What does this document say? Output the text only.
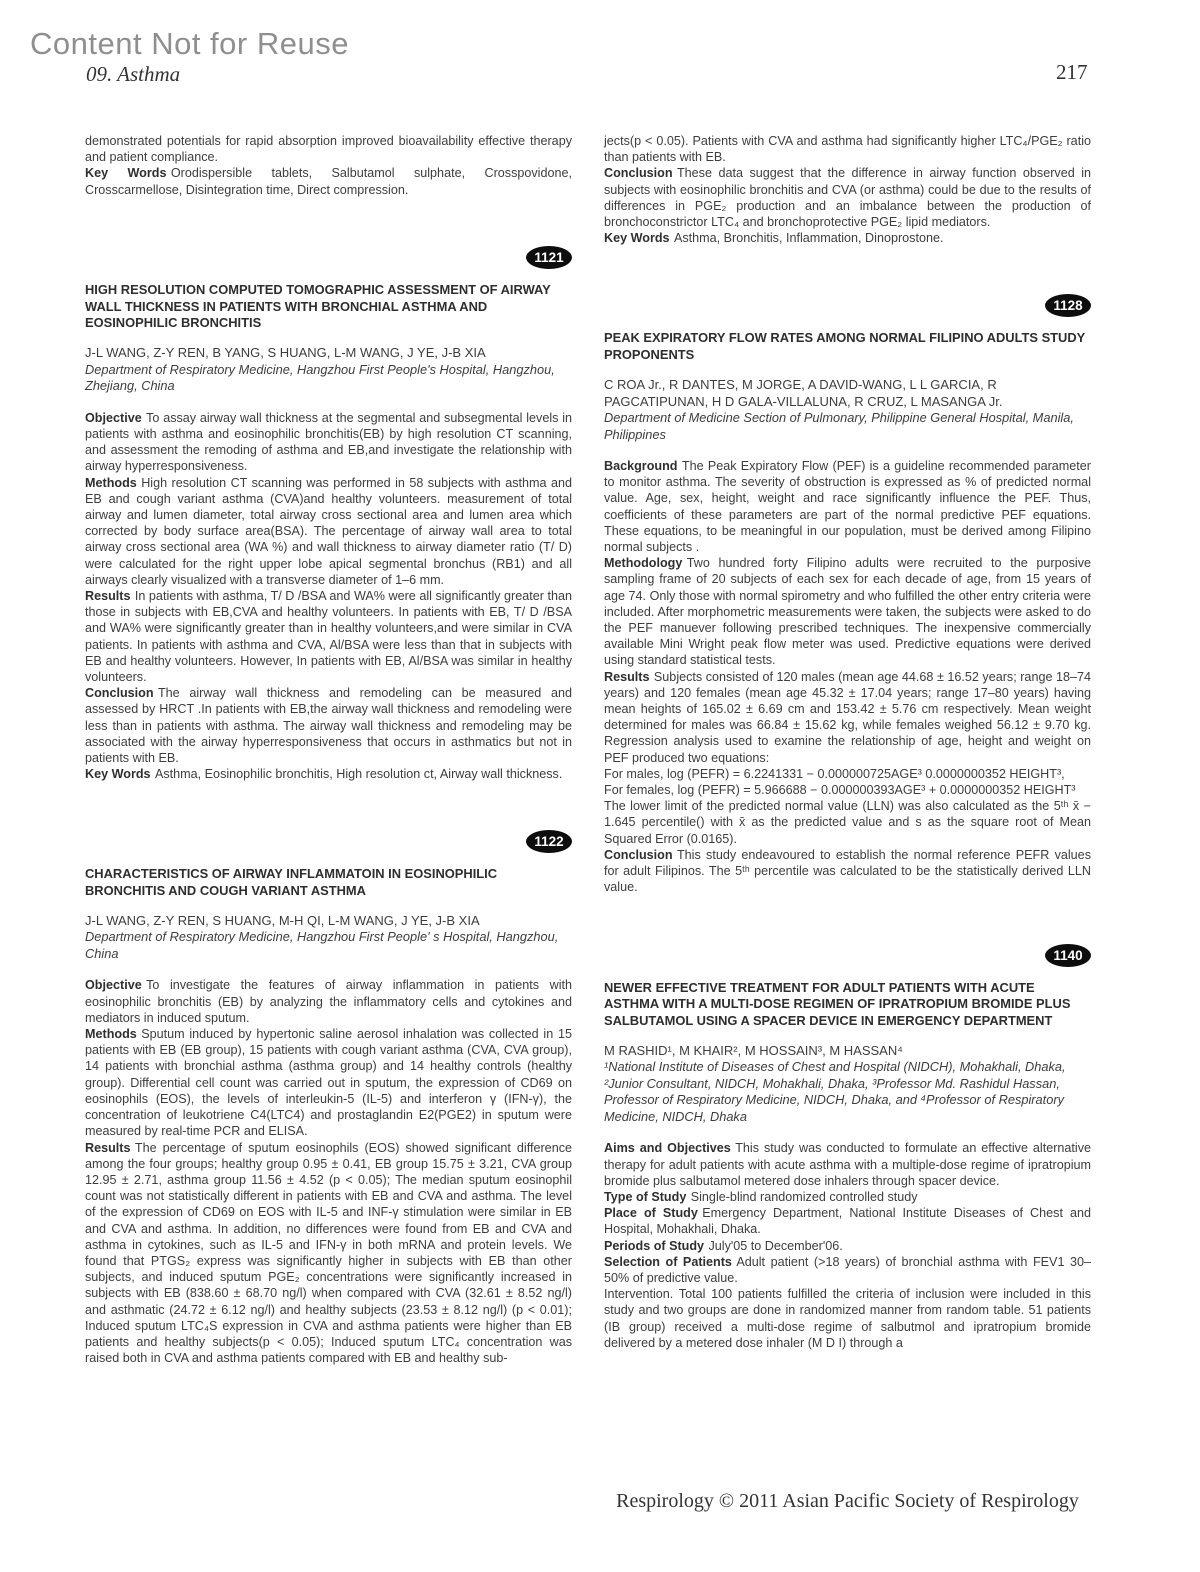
Content Not for Reuse
09. Asthma	217

demonstrated potentials for rapid absorption improved bioavailability effective therapy and patient compliance.

Key Words Orodispersible tablets, Salbutamol sulphate, Crosspovidone, Crosscarmellose, Disintegration time, Direct compression.

1121

HIGH RESOLUTION COMPUTED TOMOGRAPHIC ASSESSMENT OF AIRWAY WALL THICKNESS IN PATIENTS WITH BRONCHIAL ASTHMA AND EOSINOPHILIC BRONCHITIS

J-L WANG, Z-Y REN, B YANG, S HUANG, L-M WANG, J YE, J-B XIA

Department of Respiratory Medicine, Hangzhou First People's Hospital, Hangzhou, Zhejiang, China

Objective To assay airway wall thickness at the segmental and subsegmental levels in patients with asthma and eosinophilic bronchitis(EB) by high resolution CT scanning, and assessment the remoding of asthma and EB,and investigate the relationship with airway hyperresponsiveness.

Methods High resolution CT scanning was performed in 58 subjects with asthma and EB and cough variant asthma (CVA)and healthy volunteers. measurement of total airway and lumen diameter, total airway cross sectional area and lumen area which corrected by body surface area(BSA). The percentage of airway wall area to total airway cross sectional area (WA %) and wall thickness to airway diameter ratio (T/ D) were calculated for the right upper lobe apical segmental bronchus (RB1) and all airways clearly visualized with a transverse diameter of 1–6 mm.

Results In patients with asthma, T/ D /BSA and WA% were all significantly greater than those in subjects with EB,CVA and healthy volunteers. In patients with EB, T/ D /BSA and WA% were significantly greater than in healthy volunteers,and were similar in CVA patients. In patients with asthma and CVA, Al/BSA were less than that in subjects with EB and healthy volunteers. However, In patients with EB, Al/BSA was similar in healthy volunteers.

Conclusion The airway wall thickness and remodeling can be measured and assessed by HRCT .In patients with EB,the airway wall thickness and remodeling were less than in patients with asthma. The airway wall thickness and remodeling may be associated with the airway hyperresponsiveness that occurs in asthmatics but not in patients with EB.

Key Words Asthma, Eosinophilic bronchitis, High resolution ct, Airway wall thickness.

1122

CHARACTERISTICS OF AIRWAY INFLAMMATOIN IN EOSINOPHILIC BRONCHITIS AND COUGH VARIANT ASTHMA

J-L WANG, Z-Y REN, S HUANG, M-H QI, L-M WANG, J YE, J-B XIA

Department of Respiratory Medicine, Hangzhou First People' s Hospital, Hangzhou, China

Objective To investigate the features of airway inflammation in patients with eosinophilic bronchitis (EB) by analyzing the inflammatory cells and cytokines and mediators in induced sputum.

Methods Sputum induced by hypertonic saline aerosol inhalation was collected in 15 patients with EB (EB group), 15 patients with cough variant asthma (CVA, CVA group), 14 patients with bronchial asthma (asthma group) and 14 healthy controls (healthy group). Differential cell count was carried out in sputum, the expression of CD69 on eosinophils (EOS), the levels of interleukin-5 (IL-5) and interferon γ (IFN-γ), the concentration of leukotriene C4(LTC4) and prostaglandin E2(PGE2) in sputum were measured by real-time PCR and ELISA.

Results The percentage of sputum eosinophils (EOS) showed significant difference among the four groups; healthy group 0.95 ± 0.41, EB group 15.75 ± 3.21, CVA group 12.95 ± 2.71, asthma group 11.56 ± 4.52 (p < 0.05); The median sputum eosinophil count was not statistically different in patients with EB and CVA and asthma. The level of the expression of CD69 on EOS with IL-5 and INF-γ stimulation were similar in EB and CVA and asthma. In addition, no differences were found from EB and CVA and asthma in cytokines, such as IL-5 and IFN-γ in both mRNA and protein levels. We found that PTGS₂ express was significantly higher in subjects with EB than other subjects, and induced sputum PGE₂ concentrations were significantly increased in subjects with EB (838.60 ± 68.70 ng/l) when compared with CVA (32.61 ± 8.52 ng/l) and asthmatic (24.72 ± 6.12 ng/l) and healthy subjects (23.53 ± 8.12 ng/l) (p < 0.01); Induced sputum LTC₄S expression in CVA and asthma patients were higher than EB patients and healthy subjects(p < 0.05); Induced sputum LTC₄ concentration was raised both in CVA and asthma patients compared with EB and healthy sub-

jects(p < 0.05). Patients with CVA and asthma had significantly higher LTC₄/PGE₂ ratio than patients with EB.

Conclusion These data suggest that the difference in airway function observed in subjects with eosinophilic bronchitis and CVA (or asthma) could be due to the results of differences in PGE₂ production and an imbalance between the production of bronchoconstrictor LTC₄ and bronchoprotective PGE₂ lipid mediators.

Key Words Asthma, Bronchitis, Inflammation, Dinoprostone.

1128

PEAK EXPIRATORY FLOW RATES AMONG NORMAL FILIPINO ADULTS STUDY PROPONENTS

C ROA Jr., R DANTES, M JORGE, A DAVID-WANG, L L GARCIA, R PAGCATIPUNAN, H D GALA-VILLALUNA, R CRUZ, L MASANGA Jr.

Department of Medicine Section of Pulmonary, Philippine General Hospital, Manila, Philippines

Background The Peak Expiratory Flow (PEF) is a guideline recommended parameter to monitor asthma. The severity of obstruction is expressed as % of predicted normal value. Age, sex, height, weight and race significantly influence the PEF. Thus, coefficients of these parameters are part of the normal predictive PEF equations. These equations, to be meaningful in our population, must be derived among Filipino normal subjects .

Methodology Two hundred forty Filipino adults were recruited to the purposive sampling frame of 20 subjects of each sex for each decade of age, from 15 years of age 74. Only those with normal spirometry and who fulfilled the other entry criteria were included. After morphometric measurements were taken, the subjects were asked to do the PEF manuever following prescribed techniques. The inexpensive commercially available Mini Wright peak flow meter was used. Predictive equations were derived using standard statistical tests.

Results Subjects consisted of 120 males (mean age 44.68 ± 16.52 years; range 18–74 years) and 120 females (mean age 45.32 ± 17.04 years; range 17–80 years) having mean heights of 165.02 ± 6.69 cm and 153.42 ± 5.76 cm respectively. Mean weight determined for males was 66.84 ± 15.62 kg, while females weighed 56.12 ± 9.70 kg. Regression analysis used to examine the relationship of age, height and weight on PEF produced two equations:

For males, log (PEFR) = 6.2241331 − 0.000000725AGE³ 0.0000000352 HEIGHT³,

For females, log (PEFR) = 5.966688 − 0.000000393AGE³ + 0.0000000352 HEIGHT³

The lower limit of the predicted normal value (LLN) was also calculated as the 5ᵗʰ x̄ − 1.645 percentile() with x̄ as the predicted value and s as the square root of Mean Squared Error (0.0165).

Conclusion This study endeavoured to establish the normal reference PEFR values for adult Filipinos. The 5ᵗʰ percentile was calculated to be the statistically derived LLN value.

1140

NEWER EFFECTIVE TREATMENT FOR ADULT PATIENTS WITH ACUTE ASTHMA WITH A MULTI-DOSE REGIMEN OF IPRATROPIUM BROMIDE PLUS SALBUTAMOL USING A SPACER DEVICE IN EMERGENCY DEPARTMENT

M RASHID¹, M KHAIR², M HOSSAIN³, M HASSAN⁴

¹National Institute of Diseases of Chest and Hospital (NIDCH), Mohakhali, Dhaka, ²Junior Consultant, NIDCH, Mohakhali, Dhaka, ³Professor Md. Rashidul Hassan, Professor of Respiratory Medicine, NIDCH, Dhaka, and ⁴Professor of Respiratory Medicine, NIDCH, Dhaka

Aims and Objectives This study was conducted to formulate an effective alternative therapy for adult patients with acute asthma with a multiple-dose regime of ipratropium bromide plus salbutamol metered dose inhalers through spacer device.

Type of Study Single-blind randomized controlled study

Place of Study Emergency Department, National Institute Diseases of Chest and Hospital, Mohakhali, Dhaka.

Periods of Study July'05 to December'06.

Selection of Patients Adult patient (>18 years) of bronchial asthma with FEV1 30–50% of predictive value.

Intervention. Total 100 patients fulfilled the criteria of inclusion were included in this study and two groups are done in randomized manner from random table. 51 patients (IB group) received a multi-dose regime of salbutmol and ipratropium bromide delivered by a metered dose inhaler (M D I) through a

Respirology © 2011 Asian Pacific Society of Respirology
